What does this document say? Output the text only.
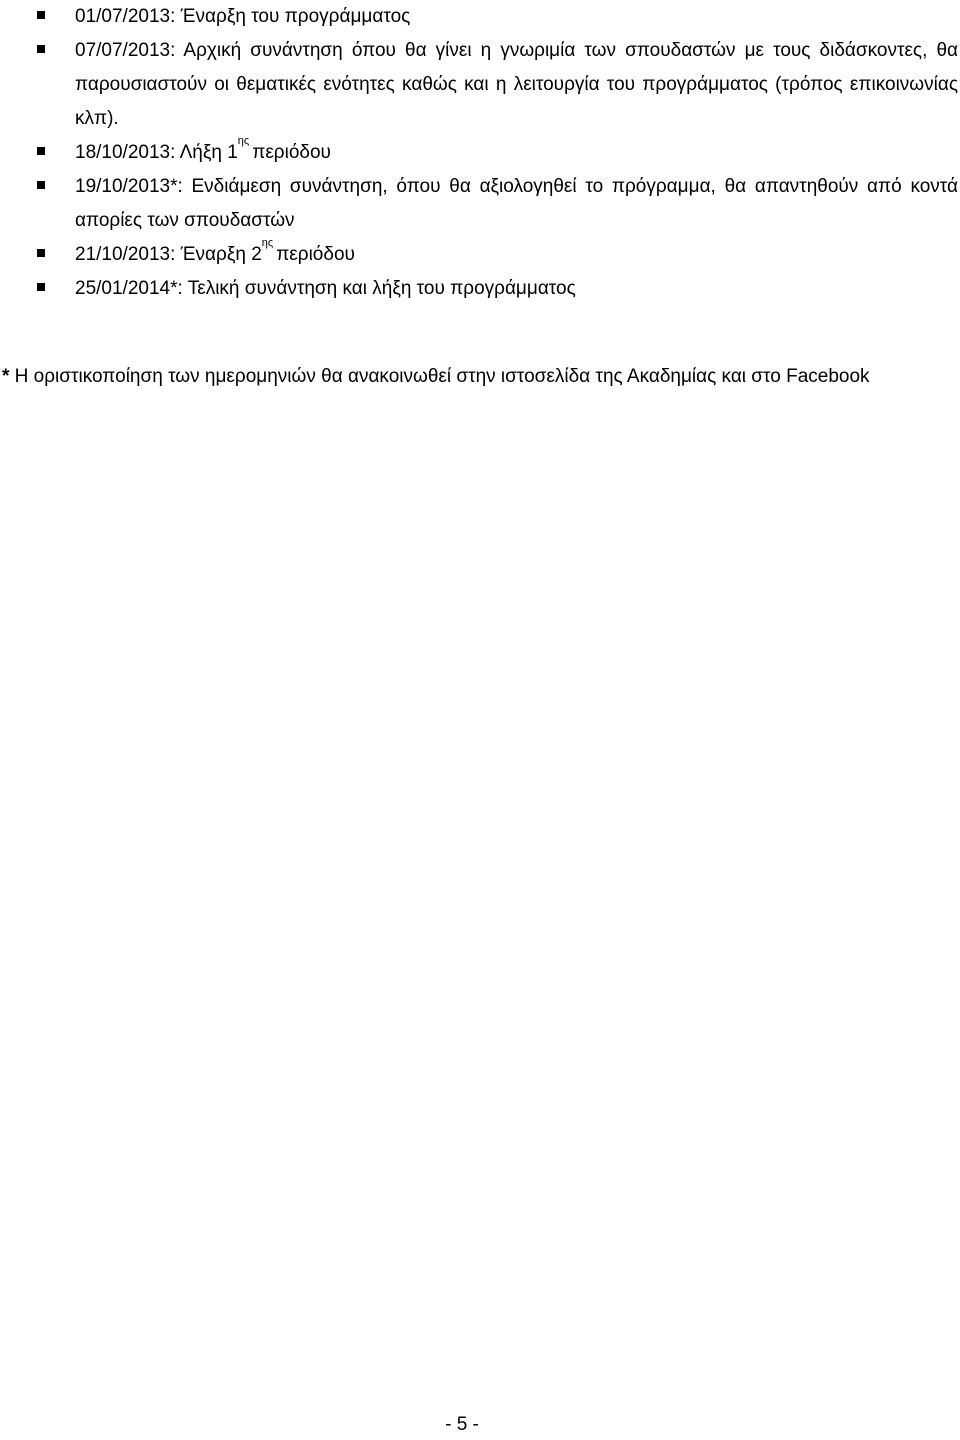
01/07/2013: Έναρξη του προγράμματος
07/07/2013: Αρχική συνάντηση όπου θα γίνει η γνωριμία των σπουδαστών με τους διδάσκοντες, θα παρουσιαστούν οι θεματικές ενότητες καθώς και η λειτουργία του προγράμματος (τρόπος επικοινωνίας κλπ).
18/10/2013: Λήξη $1^{\eta\varsigma}\pi\varepsilon\rho\iota ό\delta o\upsilon$
19/10/2013*: Ενδιάμεση συνάντηση, όπου θα αξιολογηθεί το πρόγραμμα, θα απαντηθούν από κοντά απορίες των σπουδαστών
21/10/2013: Έναρξη $2^{\eta\varsigma}\pi\varepsilon\rho\iota ό\delta o\upsilon$
25/01/2014*: Τελική συνάντηση και λήξη του προγράμματος
* Η οριστικοποίηση των ημερομηνιών θα ανακοινωθεί στην ιστοσελίδα της Ακαδημίας και στο Facebook
- 5 -
